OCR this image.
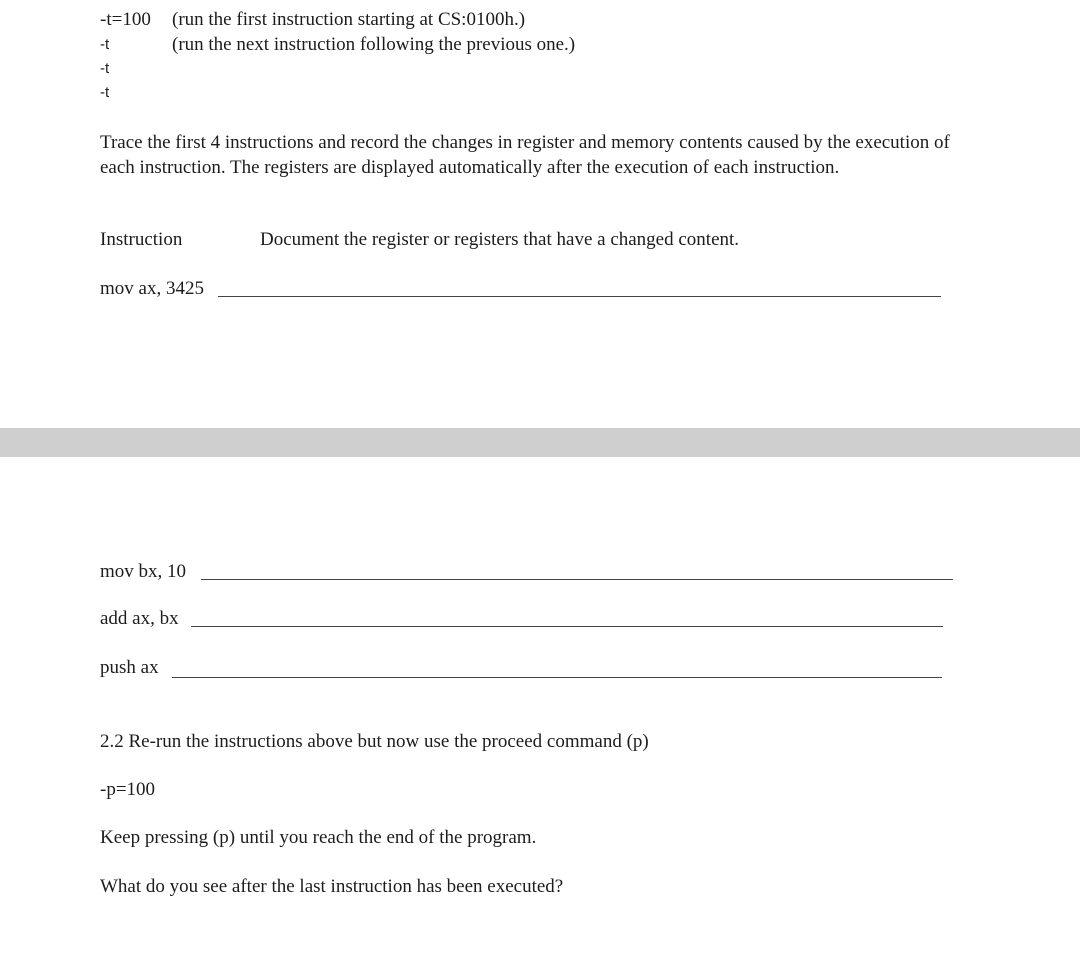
-t=100 (run the first instruction starting at CS:0100h.)
-t	(run the next instruction following the previous one.)
-t
-t
Trace the first 4 instructions and record the changes in register and memory contents caused by the execution of each instruction. The registers are displayed automatically after the execution of each instruction.
Instruction	Document the register or registers that have a changed content.
mov ax, 3425
mov bx, 10
add ax, bx
push ax
2.2 Re-run the instructions above but now use the proceed command (p)
-p=100
Keep pressing (p) until you reach the end of the program.
What do you see after the last instruction has been executed?
